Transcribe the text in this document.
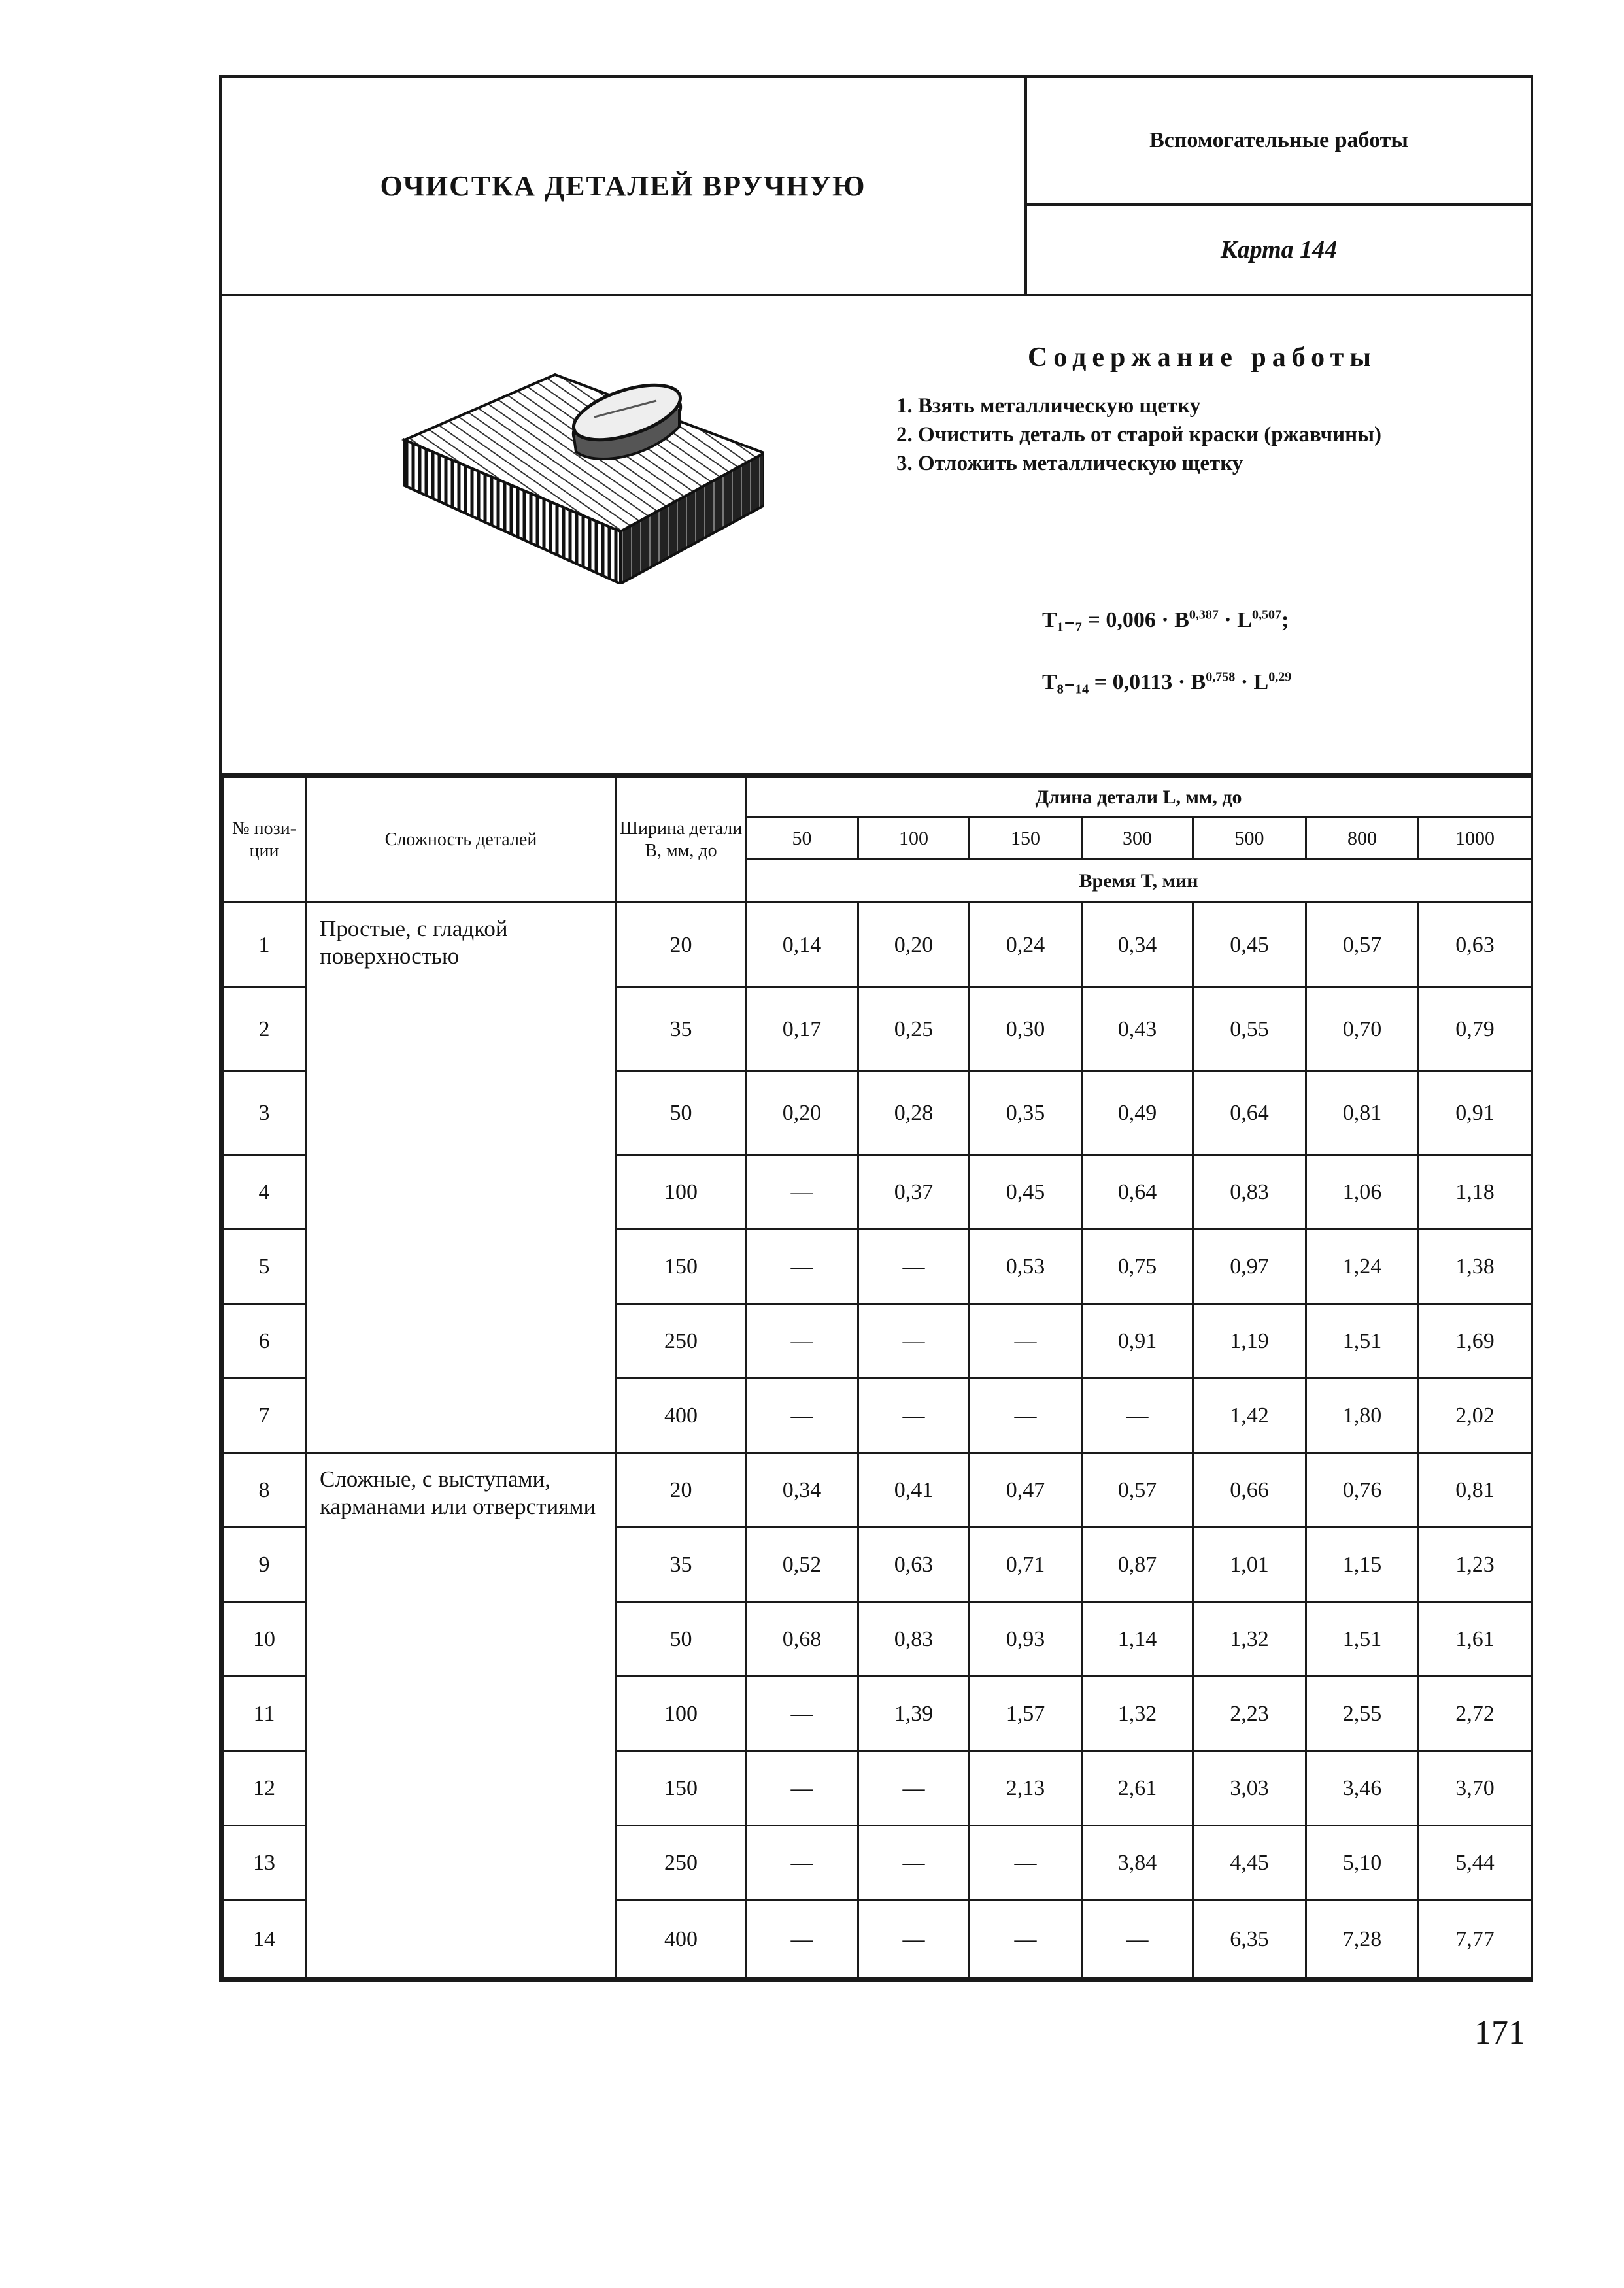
ОЧИСТКА ДЕТАЛЕЙ ВРУЧНУЮ
Вспомогательные работы
Карта 144
Содержание работы
1. Взять металлическую щетку
2. Очистить деталь от старой краски (ржавчины)
3. Отложить металлическую щетку
T₁₋₇ = 0,006 · B$^{0,387}$ · L$^{0,507}$;
T₈₋₁₄ = 0,0113 · B$^{0,758}$ · L$^{0,29}$
№ пози-ции	Сложность деталей	Ширина детали B, мм, до	Длина детали L, мм, до						
			50	100	150	300	500	800	1000
			Время T, мин						
1	Простые, с гладкой поверхностью	20	0,14	0,20	0,24	0,34	0,45	0,57	0,63
2		35	0,17	0,25	0,30	0,43	0,55	0,70	0,79
3		50	0,20	0,28	0,35	0,49	0,64	0,81	0,91
4		100	—	0,37	0,45	0,64	0,83	1,06	1,18
5		150	—	—	0,53	0,75	0,97	1,24	1,38
6		250	—	—	—	0,91	1,19	1,51	1,69
7		400	—	—	—	—	1,42	1,80	2,02
8	Сложные, с выступами, карманами или отверстиями	20	0,34	0,41	0,47	0,57	0,66	0,76	0,81
9		35	0,52	0,63	0,71	0,87	1,01	1,15	1,23
10		50	0,68	0,83	0,93	1,14	1,32	1,51	1,61
11		100	—	1,39	1,57	1,32	2,23	2,55	2,72
12		150	—	—	2,13	2,61	3,03	3,46	3,70
13		250	—	—	—	3,84	4,45	5,10	5,44
14		400	—	—	—	—	6,35	7,28	7,77
171
